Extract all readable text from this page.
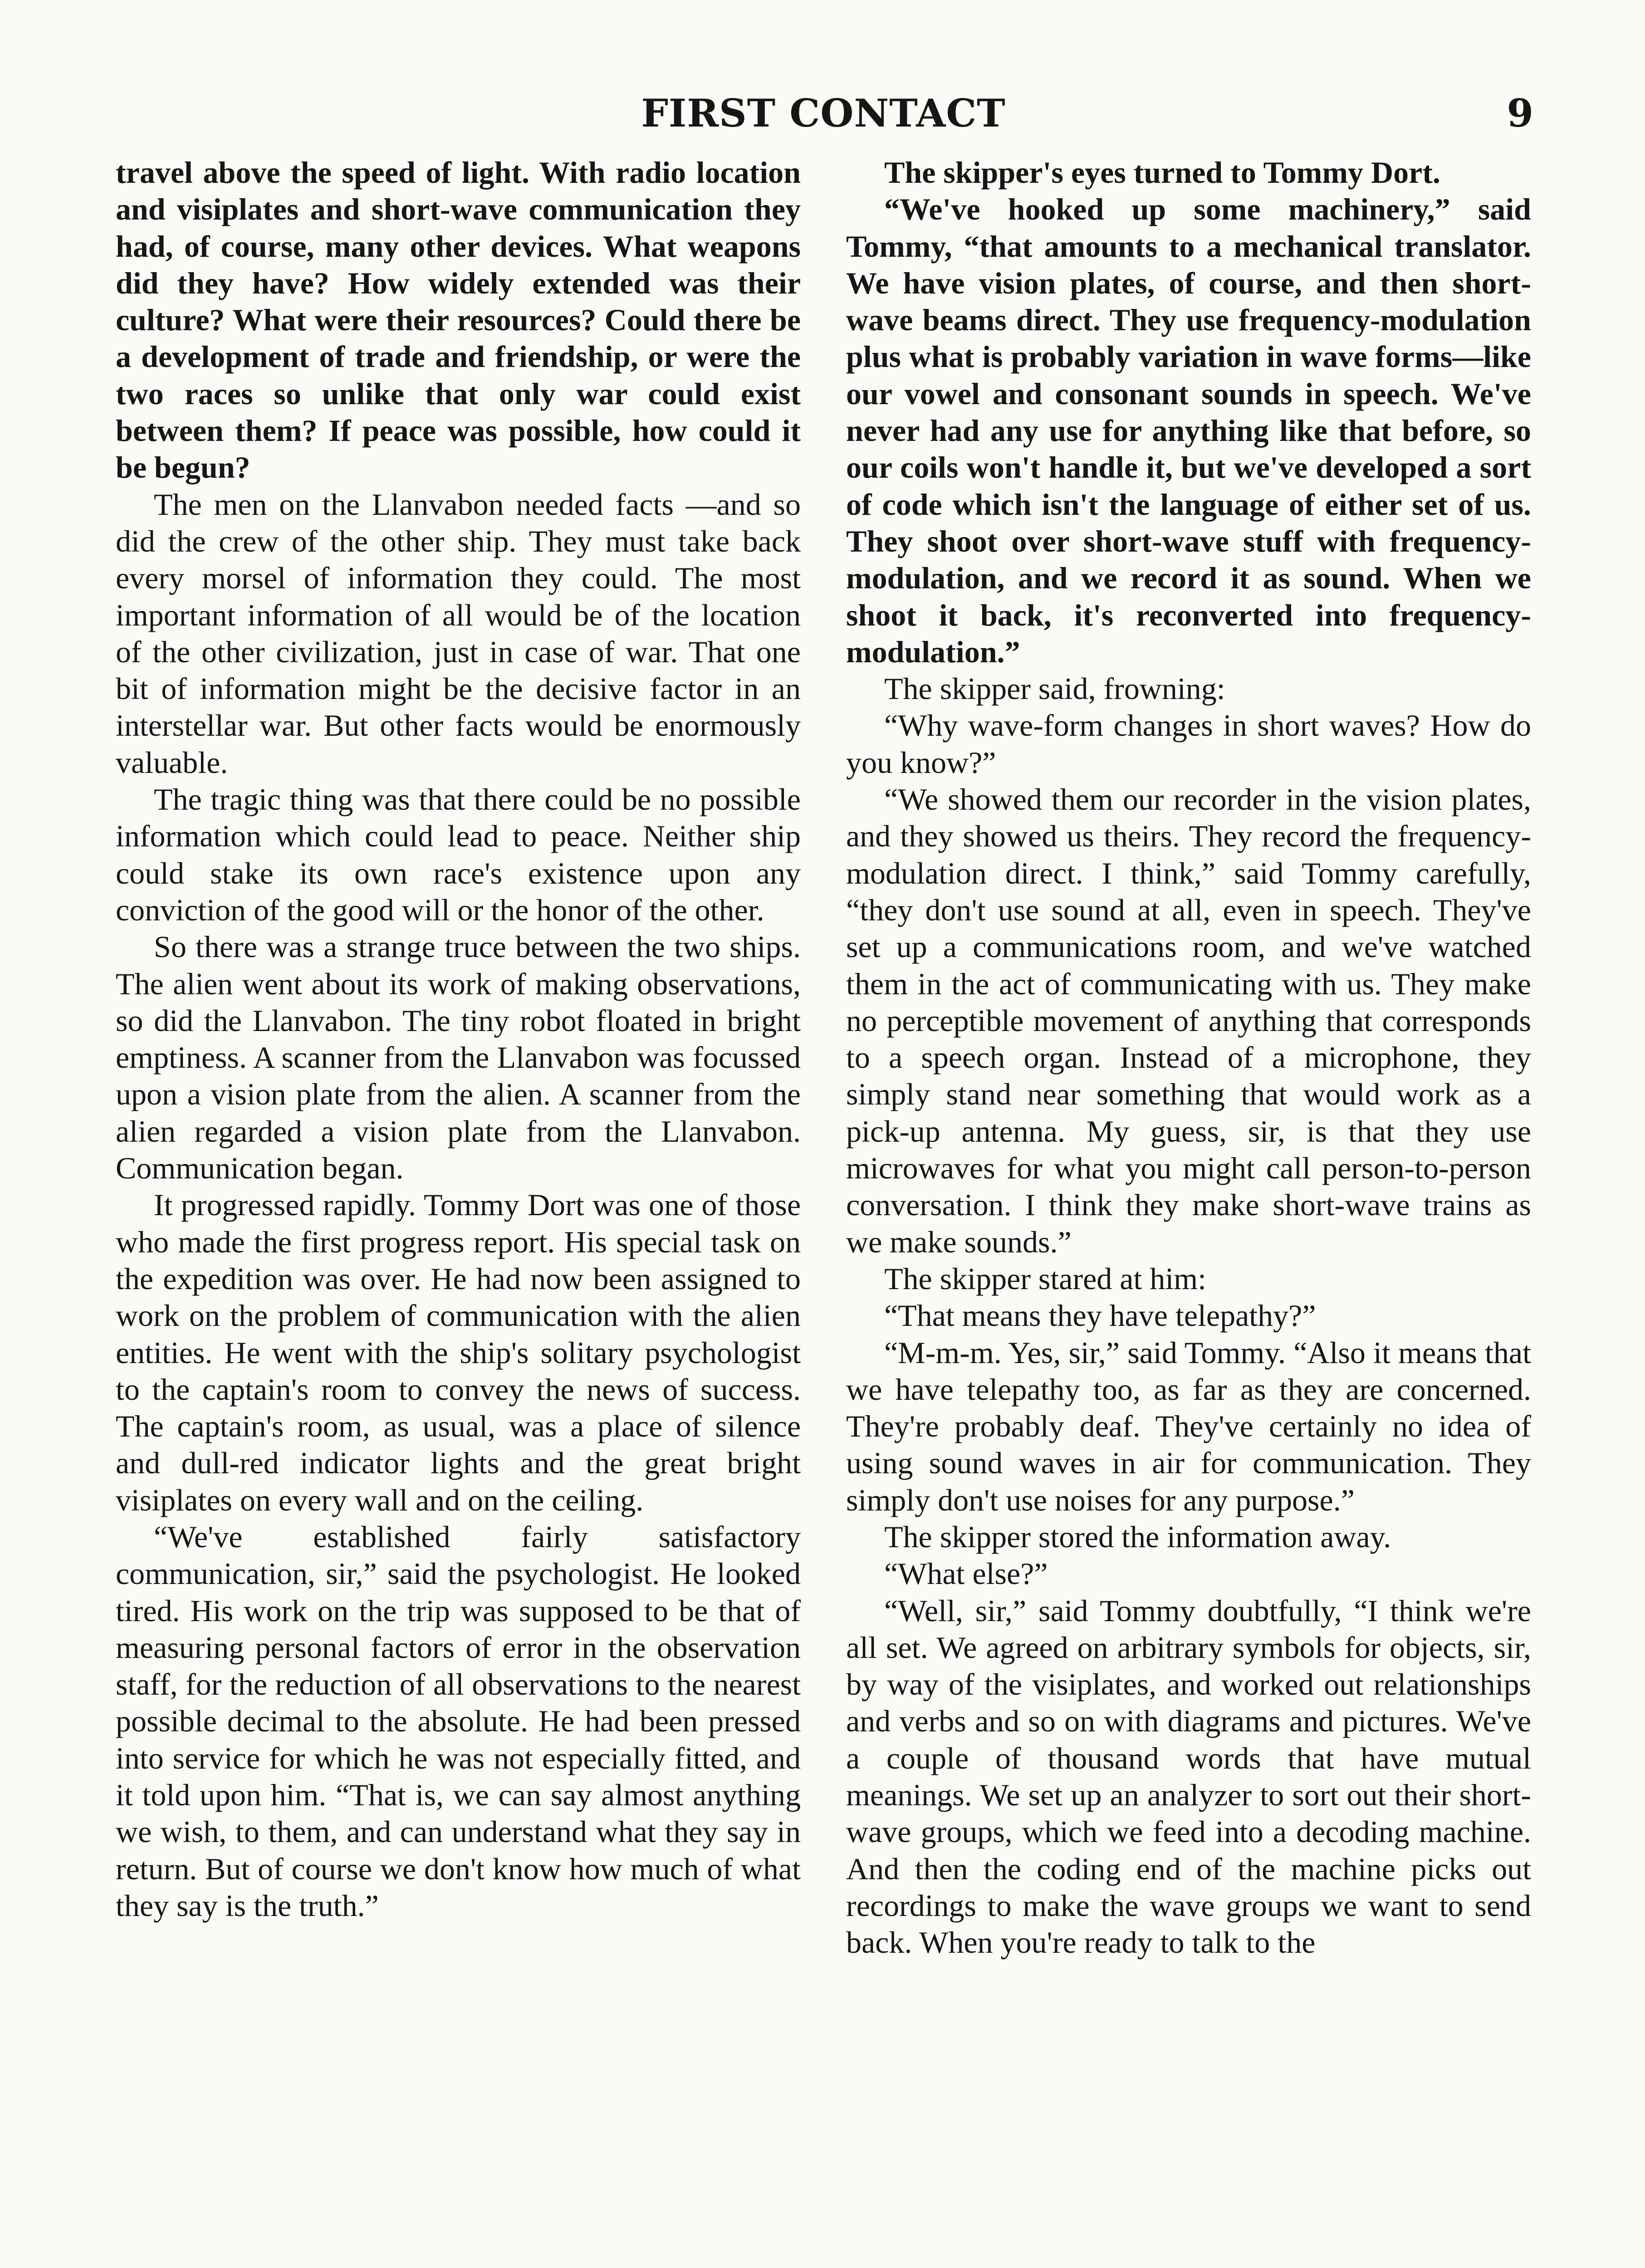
FIRST CONTACT	9

travel above the speed of light. With radio location and visiplates and short-wave communication they had, of course, many other devices. What weapons did they have? How widely extended was their culture? What were their resources? Could there be a development of trade and friendship, or were the two races so unlike that only war could exist between them? If peace was possible, how could it be begun?

The men on the Llanvabon needed facts —and so did the crew of the other ship. They must take back every morsel of information they could. The most important information of all would be of the location of the other civilization, just in case of war. That one bit of information might be the decisive factor in an interstellar war. But other facts would be enormously valuable.

The tragic thing was that there could be no possible information which could lead to peace. Neither ship could stake its own race's existence upon any conviction of the good will or the honor of the other.

So there was a strange truce between the two ships. The alien went about its work of making observations, so did the Llanvabon. The tiny robot floated in bright emptiness. A scanner from the Llanvabon was focussed upon a vision plate from the alien. A scanner from the alien regarded a vision plate from the Llanvabon. Communication began.

It progressed rapidly. Tommy Dort was one of those who made the first progress report. His special task on the expedition was over. He had now been assigned to work on the problem of communication with the alien entities. He went with the ship's solitary psychologist to the captain's room to convey the news of success. The captain's room, as usual, was a place of silence and dull-red indicator lights and the great bright visiplates on every wall and on the ceiling.

“We've established fairly satisfactory communication, sir,” said the psychologist. He looked tired. His work on the trip was supposed to be that of measuring personal factors of error in the observation staff, for the reduction of all observations to the nearest possible decimal to the absolute. He had been pressed into service for which he was not especially fitted, and it told upon him. “That is, we can say almost anything we wish, to them, and can understand what they say in return. But of course we don't know how much of what they say is the truth.”

The skipper's eyes turned to Tommy Dort.

“We've hooked up some machinery,” said Tommy, “that amounts to a mechanical translator. We have vision plates, of course, and then short-wave beams direct. They use frequency-modulation plus what is probably variation in wave forms—like our vowel and consonant sounds in speech. We've never had any use for anything like that before, so our coils won't handle it, but we've developed a sort of code which isn't the language of either set of us. They shoot over short-wave stuff with frequency-modulation, and we record it as sound. When we shoot it back, it's reconverted into frequency-modulation.”

The skipper said, frowning:

“Why wave-form changes in short waves? How do you know?”

“We showed them our recorder in the vision plates, and they showed us theirs. They record the frequency-modulation direct. I think,” said Tommy carefully, “they don't use sound at all, even in speech. They've set up a communications room, and we've watched them in the act of communicating with us. They make no perceptible movement of anything that corresponds to a speech organ. Instead of a microphone, they simply stand near something that would work as a pick-up antenna. My guess, sir, is that they use microwaves for what you might call person-to-person conversation. I think they make short-wave trains as we make sounds.”

The skipper stared at him:

“That means they have telepathy?”

“M-m-m. Yes, sir,” said Tommy. “Also it means that we have telepathy too, as far as they are concerned. They're probably deaf. They've certainly no idea of using sound waves in air for communication. They simply don't use noises for any purpose.”

The skipper stored the information away.

“What else?”

“Well, sir,” said Tommy doubtfully, “I think we're all set. We agreed on arbitrary symbols for objects, sir, by way of the visiplates, and worked out relationships and verbs and so on with diagrams and pictures. We've a couple of thousand words that have mutual meanings. We set up an analyzer to sort out their short-wave groups, which we feed into a decoding machine. And then the coding end of the machine picks out recordings to make the wave groups we want to send back. When you're ready to talk to the
